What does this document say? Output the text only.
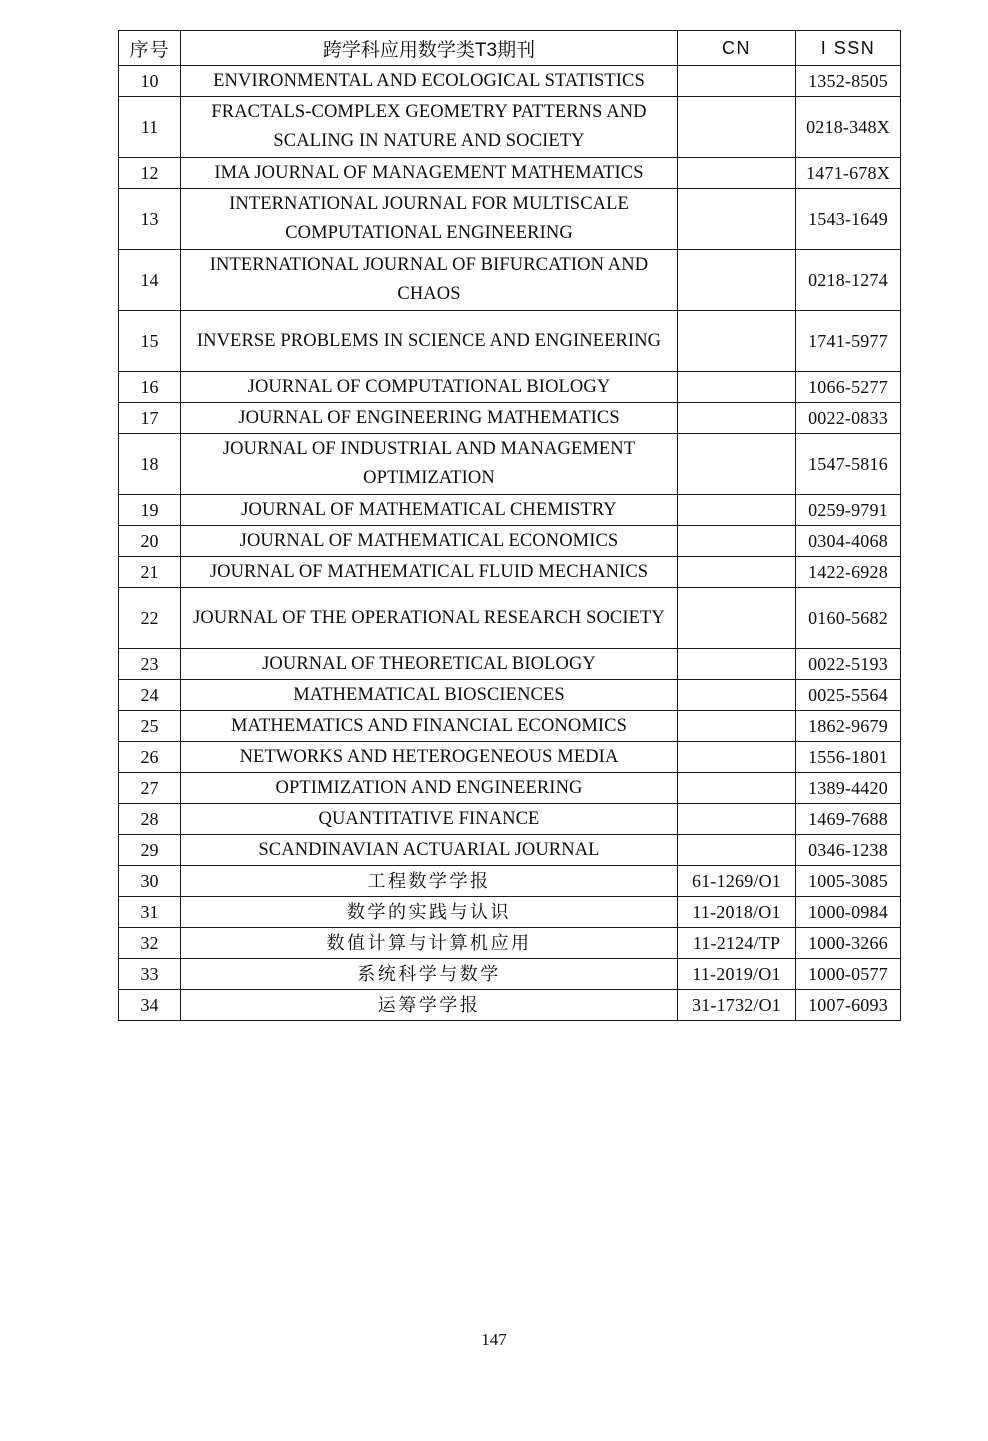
序号	跨学科应用数学类T3期刊	CN	I SSN
10	ENVIRONMENTAL AND ECOLOGICAL STATISTICS		1352-8505
11	FRACTALS-COMPLEX GEOMETRY PATTERNS AND SCALING IN NATURE AND SOCIETY		0218-348X
12	IMA JOURNAL OF MANAGEMENT MATHEMATICS		1471-678X
13	INTERNATIONAL JOURNAL FOR MULTISCALE COMPUTATIONAL ENGINEERING		1543-1649
14	INTERNATIONAL JOURNAL OF BIFURCATION AND CHAOS		0218-1274
15	INVERSE PROBLEMS IN SCIENCE AND ENGINEERING		1741-5977
16	JOURNAL OF COMPUTATIONAL BIOLOGY		1066-5277
17	JOURNAL OF ENGINEERING MATHEMATICS		0022-0833
18	JOURNAL OF INDUSTRIAL AND MANAGEMENT OPTIMIZATION		1547-5816
19	JOURNAL OF MATHEMATICAL CHEMISTRY		0259-9791
20	JOURNAL OF MATHEMATICAL ECONOMICS		0304-4068
21	JOURNAL OF MATHEMATICAL FLUID MECHANICS		1422-6928
22	JOURNAL OF THE OPERATIONAL RESEARCH SOCIETY		0160-5682
23	JOURNAL OF THEORETICAL BIOLOGY		0022-5193
24	MATHEMATICAL BIOSCIENCES		0025-5564
25	MATHEMATICS AND FINANCIAL ECONOMICS		1862-9679
26	NETWORKS AND HETEROGENEOUS MEDIA		1556-1801
27	OPTIMIZATION AND ENGINEERING		1389-4420
28	QUANTITATIVE FINANCE		1469-7688
29	SCANDINAVIAN ACTUARIAL JOURNAL		0346-1238
30	工程数学学报	61-1269/O1	1005-3085
31	数学的实践与认识	11-2018/O1	1000-0984
32	数值计算与计算机应用	11-2124/TP	1000-3266
33	系统科学与数学	11-2019/O1	1000-0577
34	运筹学学报	31-1732/O1	1007-6093
147
